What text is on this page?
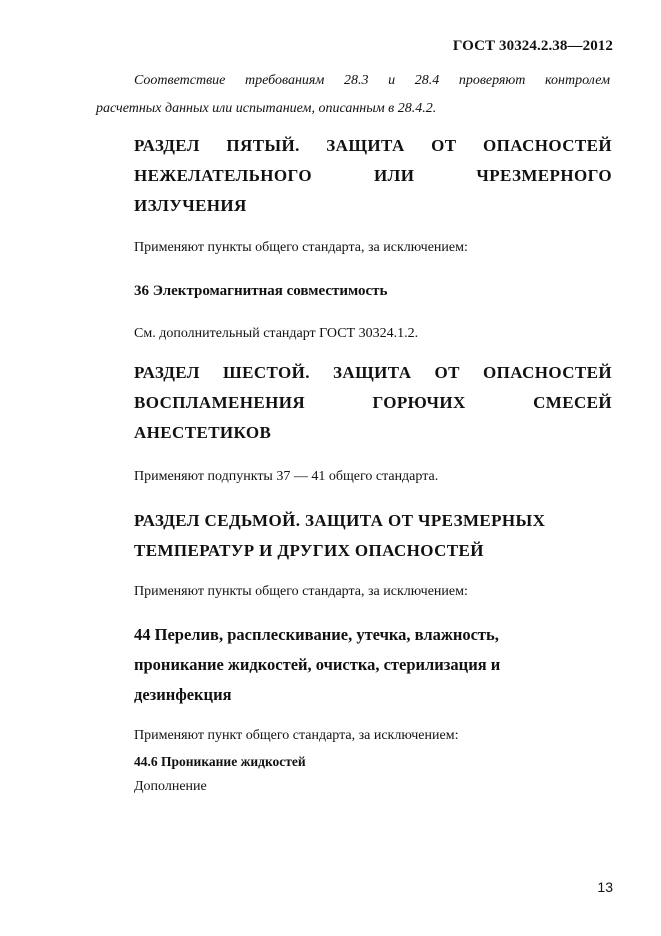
ГОСТ 30324.2.38—2012
Соответствие требованиям 28.3 и 28.4 проверяют контролем
расчетных данных или испытанием, описанным в 28.4.2.
РАЗДЕЛ ПЯТЫЙ. ЗАЩИТА ОТ ОПАСНОСТЕЙ
НЕЖЕЛАТЕЛЬНОГО ИЛИ ЧРЕЗМЕРНОГО
ИЗЛУЧЕНИЯ

Применяют пункты общего стандарта, за исключением:

36 Электромагнитная совместимость

См. дополнительный стандарт ГОСТ 30324.1.2.

РАЗДЕЛ ШЕСТОЙ. ЗАЩИТА ОТ ОПАСНОСТЕЙ
ВОСПЛАМЕНЕНИЯ ГОРЮЧИХ СМЕСЕЙ
АНЕСТЕТИКОВ

Применяют подпункты 37 — 41 общего стандарта.

РАЗДЕЛ СЕДЬМОЙ. ЗАЩИТА ОТ ЧРЕЗМЕРНЫХ
ТЕМПЕРАТУР И ДРУГИХ ОПАСНОСТЕЙ

Применяют пункты общего стандарта, за исключением:

44 Перелив, расплескивание, утечка, влажность,
проникание жидкостей, очистка, стерилизация и
дезинфекция

Применяют пункт общего стандарта, за исключением:

44.6 Проникание жидкостей

Дополнение

13
